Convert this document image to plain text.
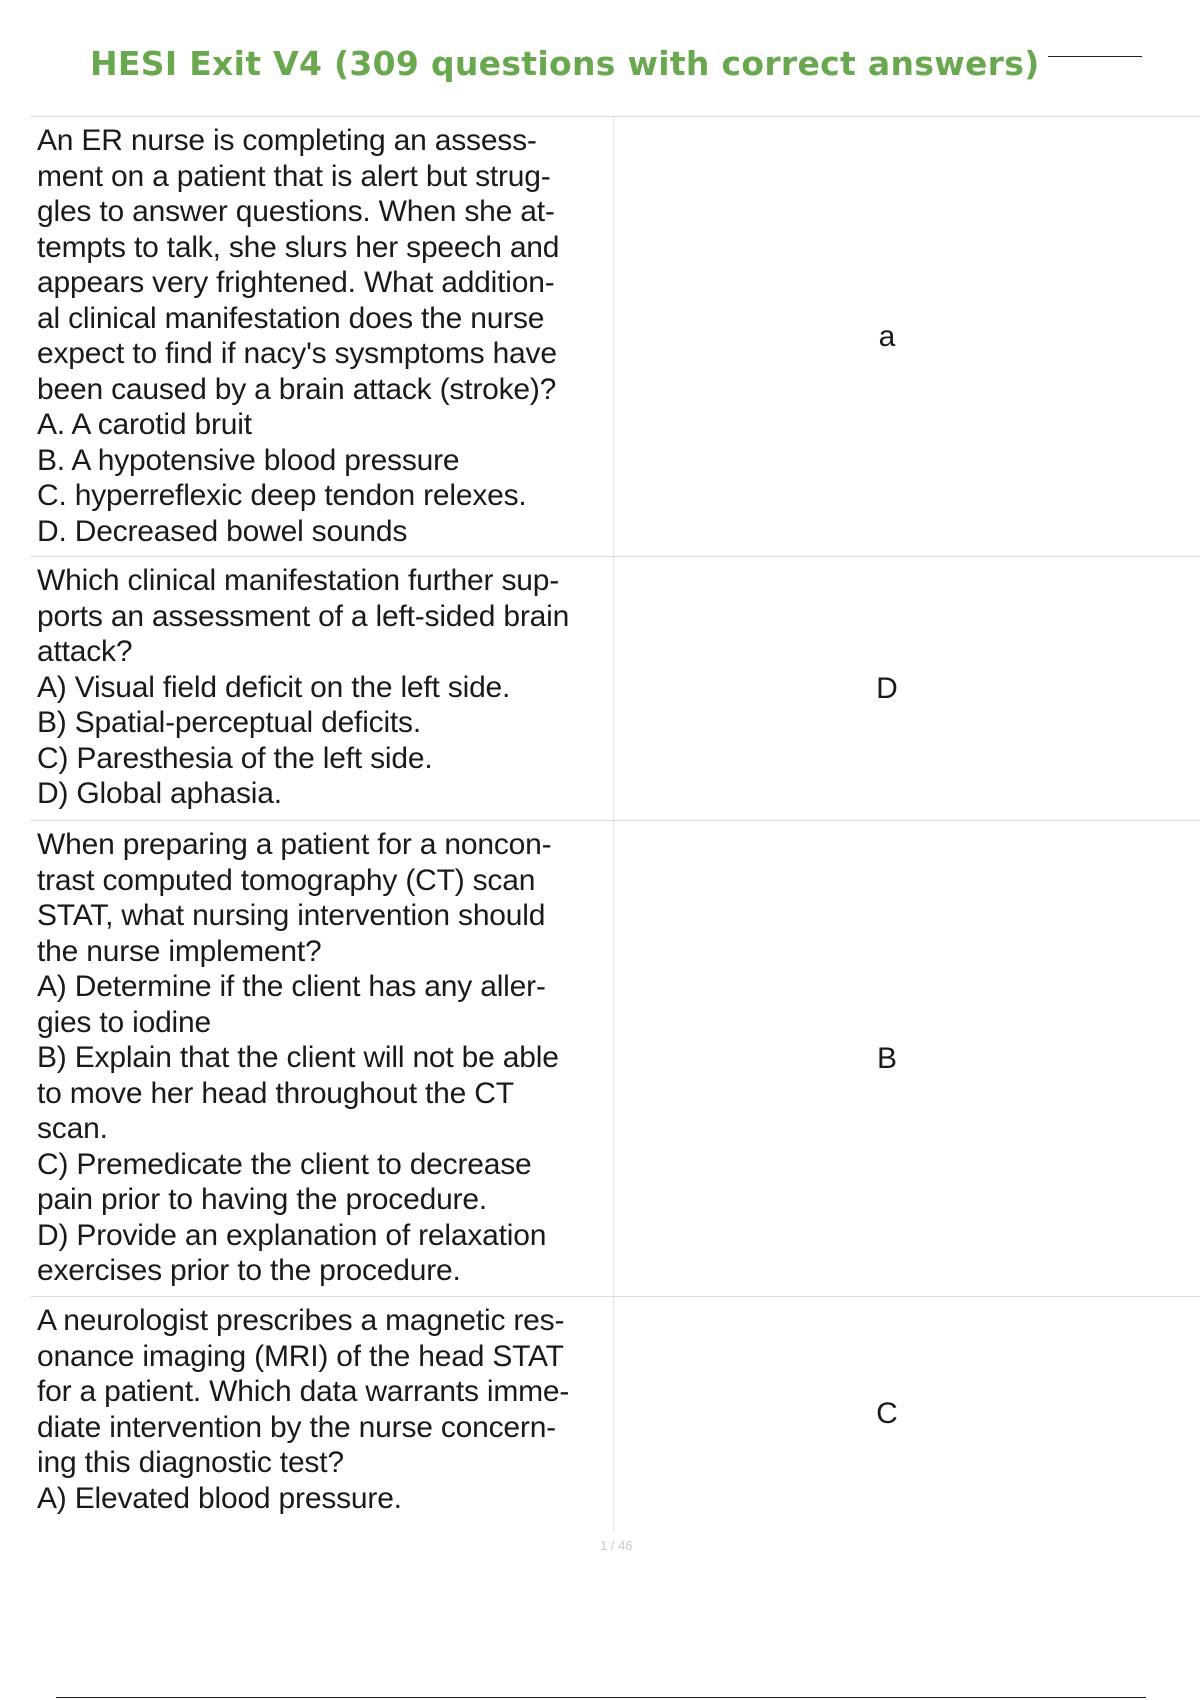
HESI Exit V4 (309 questions with correct answers)
An ER nurse is completing an assess-
ment on a patient that is alert but strug-
gles to answer questions. When she at-
tempts to talk, she slurs her speech and
appears very frightened. What addition-
al clinical manifestation does the nurse
expect to find if nacy's sysmptoms have
been caused by a brain attack (stroke)?
A. A carotid bruit
B. A hypotensive blood pressure
C. hyperreflexic deep tendon relexes.
D. Decreased bowel sounds
a
Which clinical manifestation further sup-
ports an assessment of a left-sided brain
attack?
A) Visual field deficit on the left side.
B) Spatial-perceptual deficits.
C) Paresthesia of the left side.
D) Global aphasia.
D
When preparing a patient for a noncon-
trast computed tomography (CT) scan
STAT, what nursing intervention should
the nurse implement?
A) Determine if the client has any aller-
gies to iodine
B) Explain that the client will not be able
to move her head throughout the CT
scan.
C) Premedicate the client to decrease
pain prior to having the procedure.
D) Provide an explanation of relaxation
exercises prior to the procedure.
B
A neurologist prescribes a magnetic res-
onance imaging (MRI) of the head STAT
for a patient. Which data warrants imme-
diate intervention by the nurse concern-
ing this diagnostic test?
A) Elevated blood pressure.
C
1 / 46
